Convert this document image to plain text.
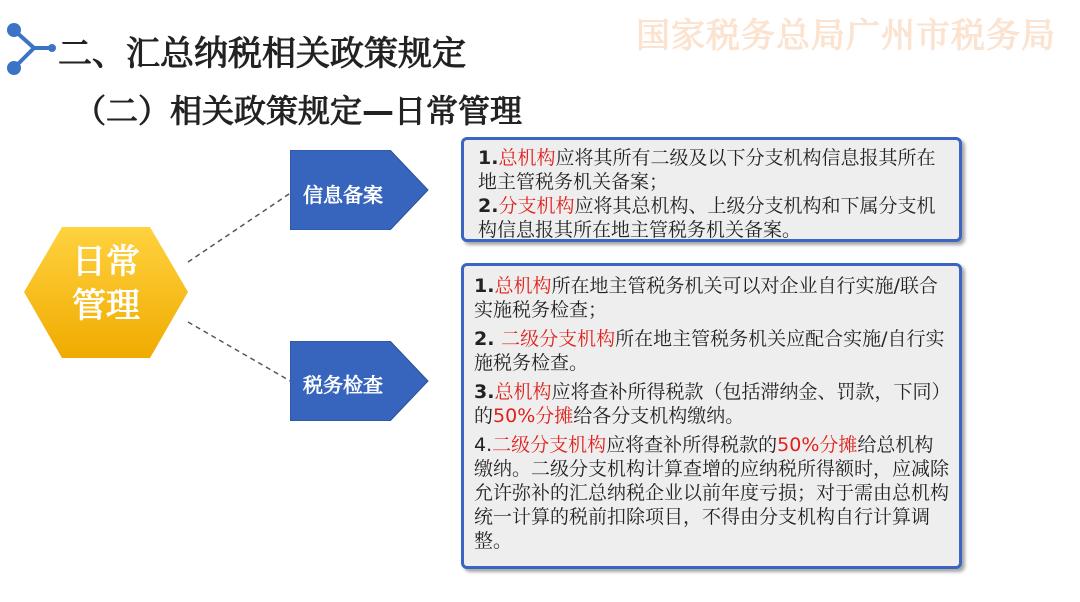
国家税务总局广州市税务局
二、汇总纳税相关政策规定
（二）相关政策规定—日常管理
日常
管理
信息备案
税务检查

1.总机构应将其所有二级及以下分支机构信息报其所在地主管税务机关备案；

2.分支机构应将其总机构、上级分支机构和下属分支机构信息报其所在地主管税务机关备案。

1.总机构所在地主管税务机关可以对企业自行实施/联合实施税务检查；

2. 二级分支机构所在地主管税务机关应配合实施/自行实施税务检查。

3.总机构应将查补所得税款（包括滞纳金、罚款，下同）的50%分摊给各分支机构缴纳。

4.二级分支机构应将查补所得税款的50%分摊给总机构缴纳。二级分支机构计算查增的应纳税所得额时，应减除允许弥补的汇总纳税企业以前年度亏损；对于需由总机构统一计算的税前扣除项目，不得由分支机构自行计算调整。
